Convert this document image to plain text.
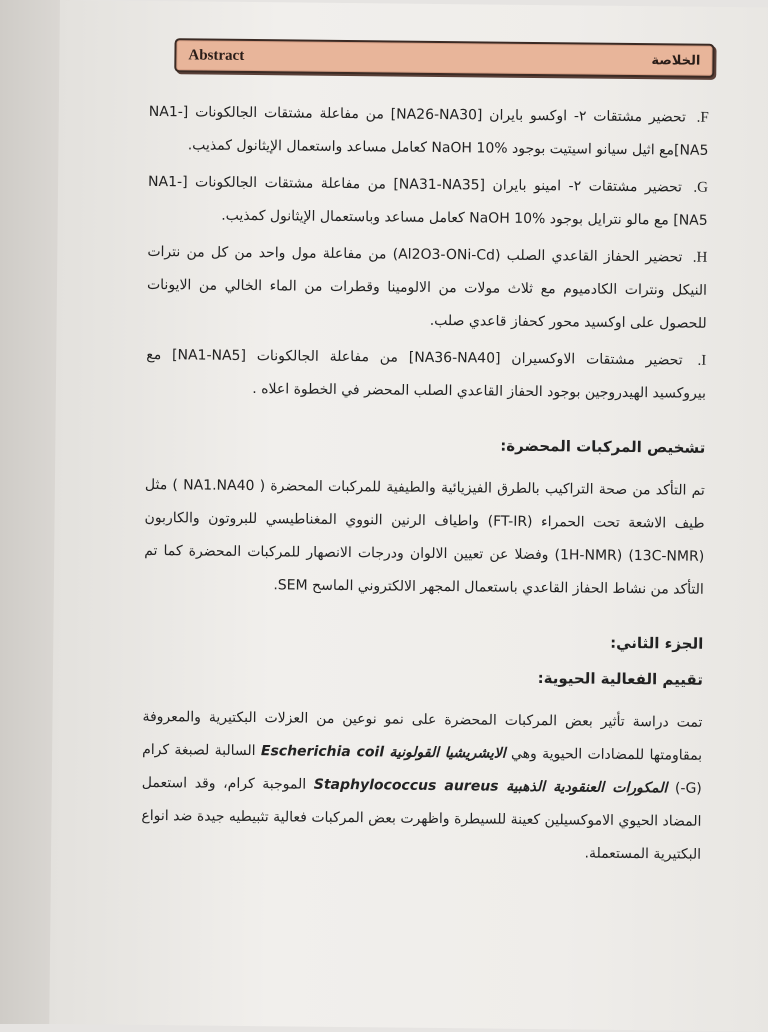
Abstract	الخلاصة
F. تحضير مشتقات ٢- اوكسو بايران [NA26-NA30] من مفاعلة مشتقات الجالكونات [NA1-NA5]مع اثيل سيانو اسيتيت بوجود NaOH 10% كعامل مساعد واستعمال الإيثانول كمذيب.
G. تحضير مشتقات ٢- امينو بايران [NA31-NA35] من مفاعلة مشتقات الجالكونات [NA1-NA5] مع مالو نترايل بوجود NaOH 10% كعامل مساعد وباستعمال الإيثانول كمذيب.
H. تحضير الحفاز القاعدي الصلب (Al2O3-ONi-Cd) من مفاعلة مول واحد من كل من نترات النيكل ونترات الكادميوم مع ثلاث مولات من الالومينا وقطرات من الماء الخالي من الايونات للحصول على اوكسيد محور كحفاز قاعدي صلب.
I. تحضير مشتقات الاوكسيران [NA36-NA40] من مفاعلة الجالكونات [NA1-NA5] مع بيروكسيد الهيدروجين بوجود الحفاز القاعدي الصلب المحضر في الخطوة اعلاه .
تشخيص المركبات المحضرة:
تم التأكد من صحة التراكيب بالطرق الفيزيائية والطيفية للمركبات المحضرة ( NA1.NA40 ) مثل طيف الاشعة تحت الحمراء (FT-IR) واطياف الرنين النووي المغناطيسي للبروتون والكاربون (13C-NMR) (1H-NMR) وفضلا عن تعيين الالوان ودرجات الانصهار للمركبات المحضرة كما تم التأكد من نشاط الحفاز القاعدي باستعمال المجهر الالكتروني الماسح SEM.
الجزء الثاني:
تقييم الفعالية الحيوية:
تمت دراسة تأثير بعض المركبات المحضرة على نمو نوعين من العزلات البكتيرية والمعروفة بمقاومتها للمضادات الحيوية وهي الايشريشيا القولونية Escherichia coil السالبة لصبغة كرام (G-) المكورات العنقودية الذهبية Staphylococcus aureus الموجبة كرام، وقد استعمل المضاد الحيوي الاموكسيلين كعينة للسيطرة واظهرت بعض المركبات فعالية تثبيطيه جيدة ضد انواع البكتيرية المستعملة.
